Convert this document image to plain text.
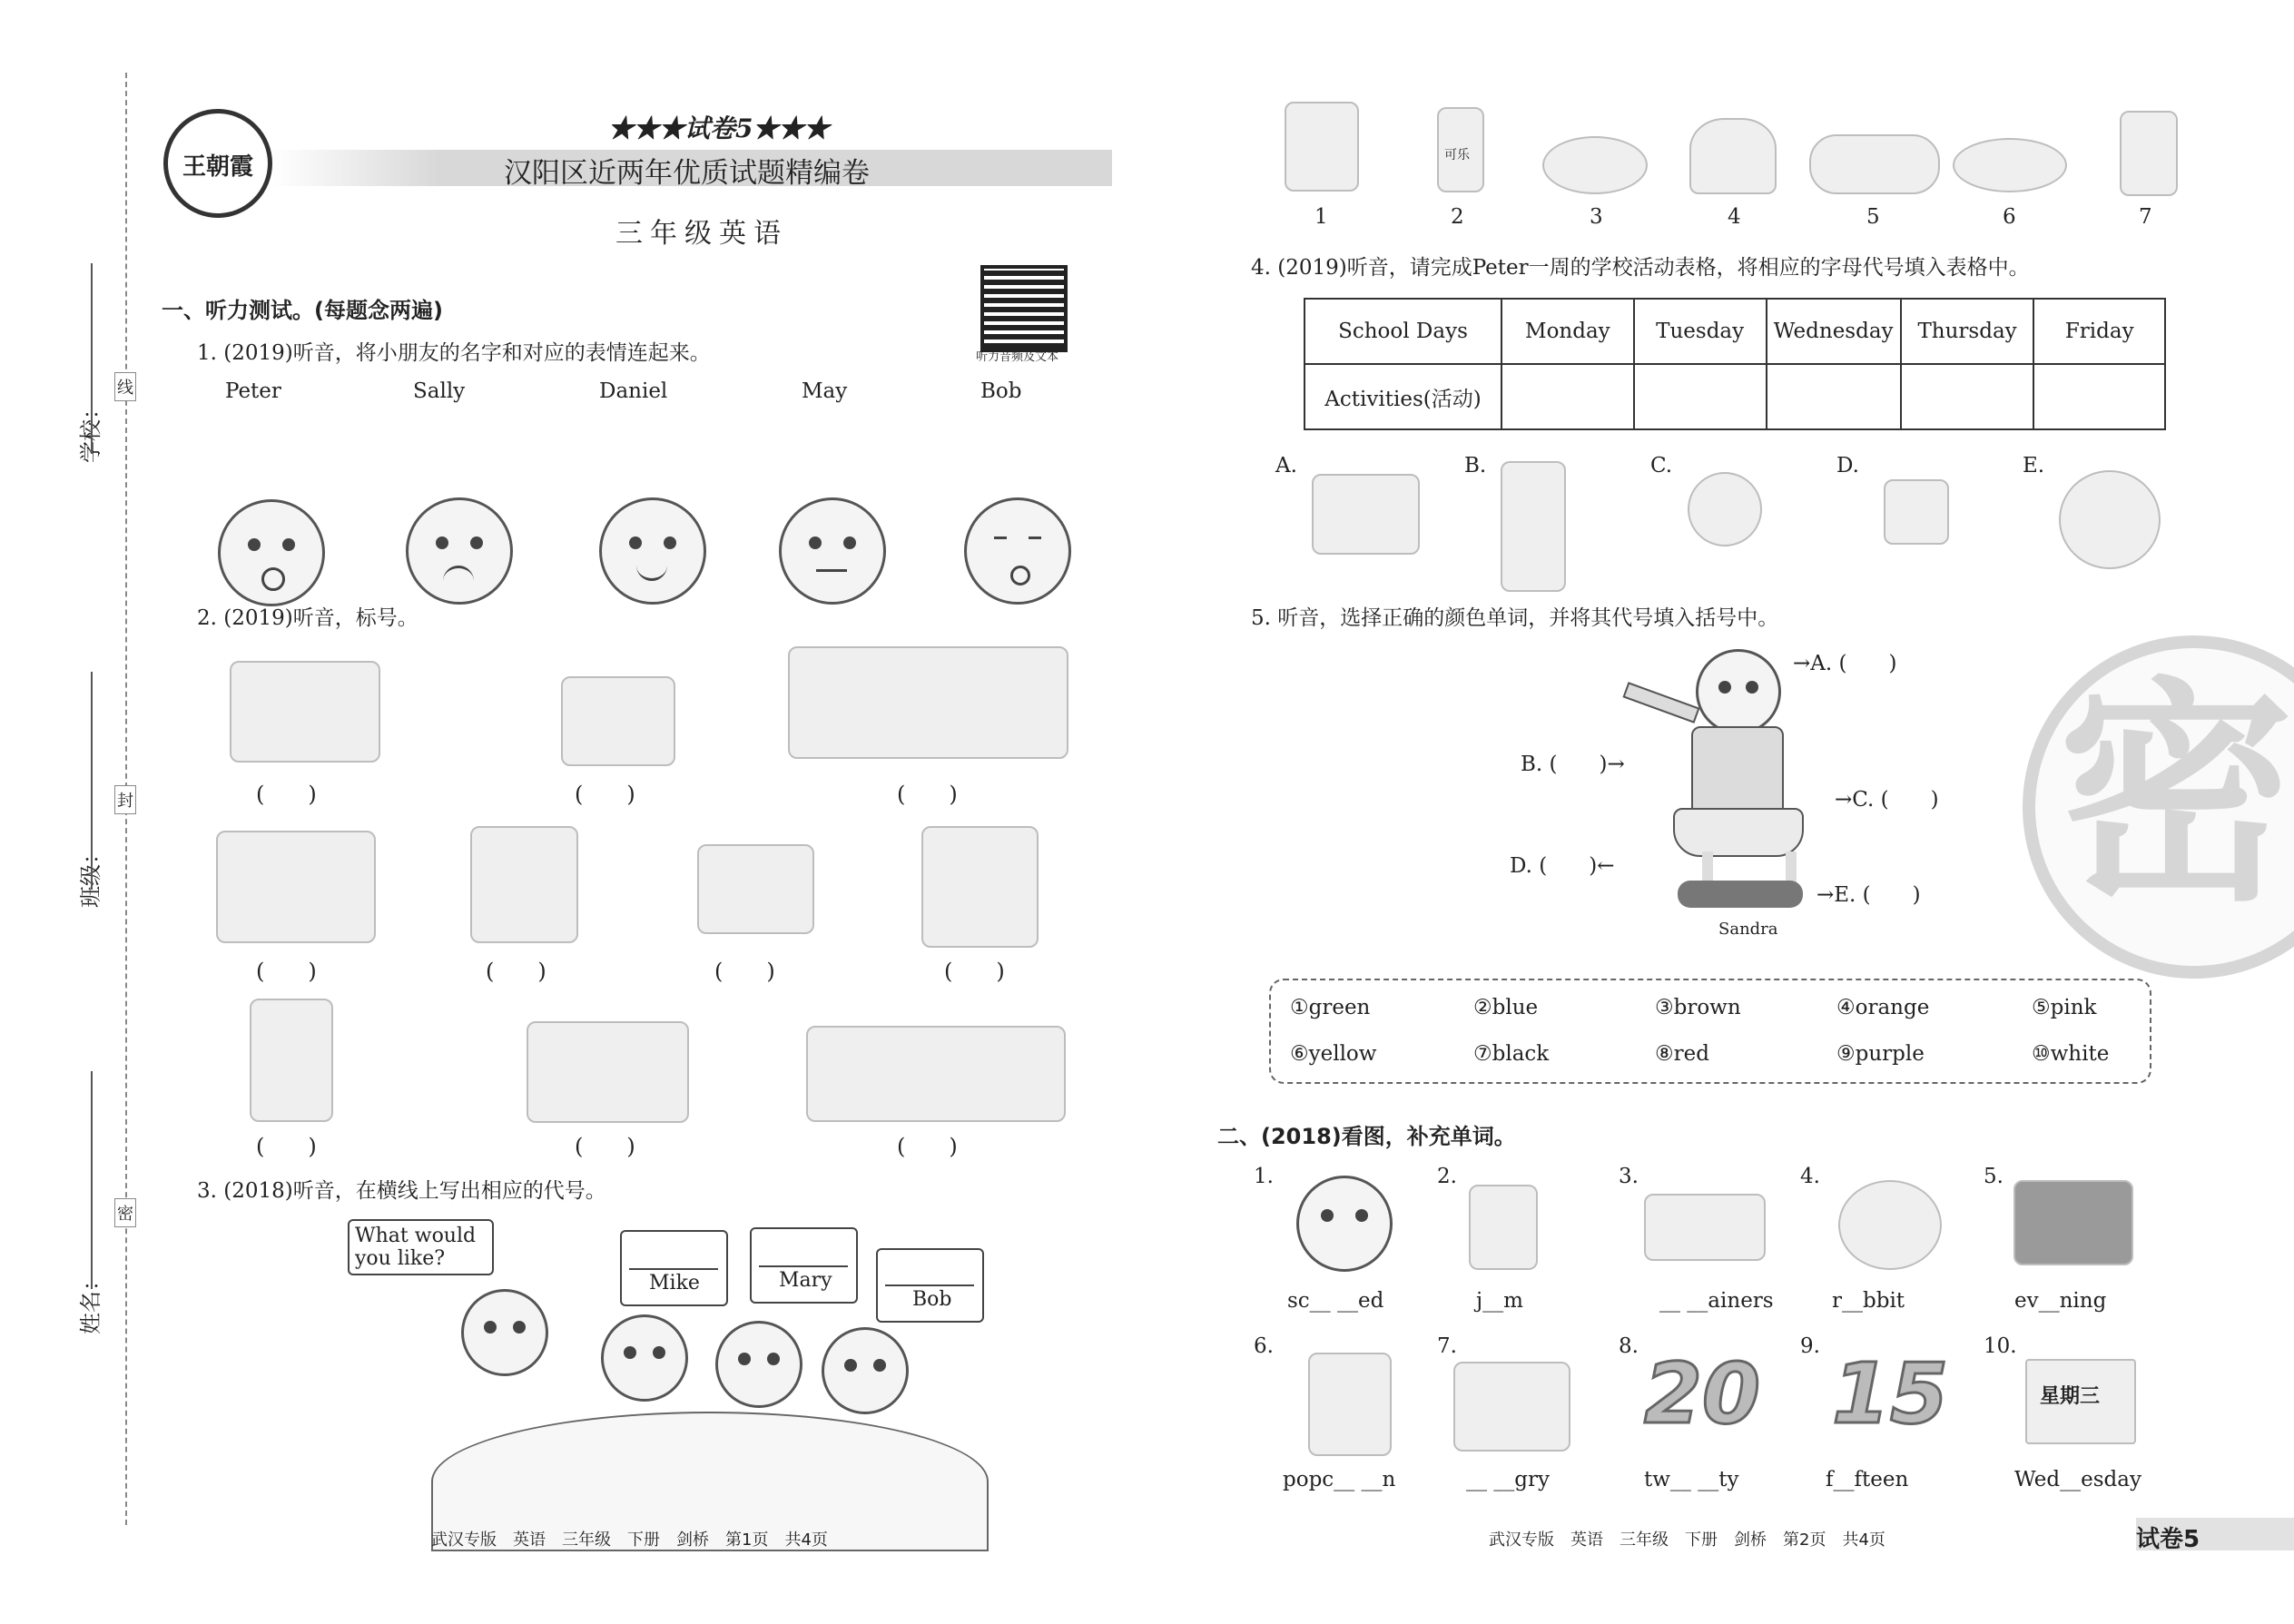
学校：
班级：
姓名：
线
封
密
王朝霞
★★★试卷5★★★
汉阳区近两年优质试题精编卷
三年级英语
听力音频及文本
一、听力测试。(每题念两遍)
1. (2019)听音，将小朋友的名字和对应的表情连起来。
Peter	Sally	Daniel	May	Bob
2. (2019)听音，标号。
(　　)	(　　)	(　　)
(　　)	(　　)	(　　)	(　　)
(　　)	(　　)	(　　)
3. (2018)听音，在横线上写出相应的代号。
What would you like?
Mike	Mary
Bob
武汉专版　英语　三年级　下册　剑桥　第1页　共4页
可乐
1	2	3	4	5	6	7
4. (2019)听音，请完成Peter一周的学校活动表格，将相应的字母代号填入表格中。
School Days	Monday	Tuesday	Wednesday	Thursday	Friday
Activities(活动)					
A.	B.	C.	D.	E.
5. 听音，选择正确的颜色单词，并将其代号填入括号中。
Sandra
→A. (　　)
B. (　　)→
→C. (　　)
D. (　　)←
→E. (　　)
①green	②blue	③brown	④orange	⑤pink
⑥yellow	⑦black	⑧red	⑨purple	⑩white
二、(2018)看图，补充单词。
1.	2.	3.	4.	5.
sc__ __ed	j__m	__ __ainers	r__bbit	ev__ning
6.	7.	8.	9.	10.
20 15	星期三
popc__ __n	__ __gry	tw__ __ty	f__fteen	Wed__esday
密
武汉专版　英语　三年级　下册　剑桥　第2页　共4页	试卷5
